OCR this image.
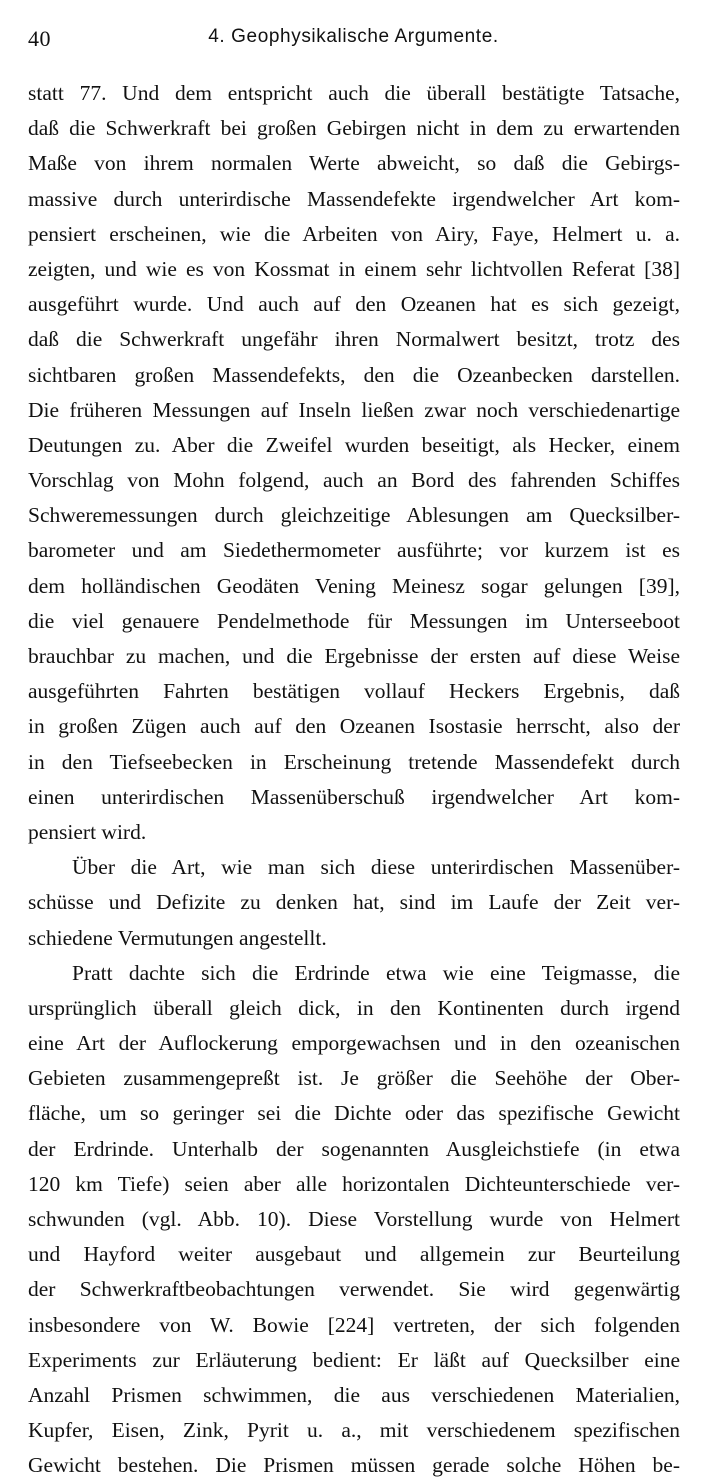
40	4. Geophysikalische Argumente.
statt 77. Und dem entspricht auch die überall bestätigte Tatsache,
daß die Schwerkraft bei großen Gebirgen nicht in dem zu erwartenden
Maße von ihrem normalen Werte abweicht, so daß die Gebirgs-
massive durch unterirdische Massendefekte irgendwelcher Art kom-
pensiert erscheinen, wie die Arbeiten von Airy, Faye, Helmert u. a.
zeigten, und wie es von Kossmat in einem sehr lichtvollen Referat [38]
ausgeführt wurde. Und auch auf den Ozeanen hat es sich gezeigt,
daß die Schwerkraft ungefähr ihren Normalwert besitzt, trotz des
sichtbaren großen Massendefekts, den die Ozeanbecken darstellen.
Die früheren Messungen auf Inseln ließen zwar noch verschiedenartige
Deutungen zu. Aber die Zweifel wurden beseitigt, als Hecker, einem
Vorschlag von Mohn folgend, auch an Bord des fahrenden Schiffes
Schweremessungen durch gleichzeitige Ablesungen am Quecksilber-
barometer und am Siedethermometer ausführte; vor kurzem ist es
dem holländischen Geodäten Vening Meinesz sogar gelungen [39],
die viel genauere Pendelmethode für Messungen im Unterseeboot
brauchbar zu machen, und die Ergebnisse der ersten auf diese Weise
ausgeführten Fahrten bestätigen vollauf Heckers Ergebnis, daß
in großen Zügen auch auf den Ozeanen Isostasie herrscht, also der
in den Tiefseebecken in Erscheinung tretende Massendefekt durch
einen unterirdischen Massenüberschuß irgendwelcher Art kom-
pensiert wird.
Über die Art, wie man sich diese unterirdischen Massenüber-
schüsse und Defizite zu denken hat, sind im Laufe der Zeit ver-
schiedene Vermutungen angestellt.
Pratt dachte sich die Erdrinde etwa wie eine Teigmasse, die
ursprünglich überall gleich dick, in den Kontinenten durch irgend
eine Art der Auflockerung emporgewachsen und in den ozeanischen
Gebieten zusammengepreßt ist. Je größer die Seehöhe der Ober-
fläche, um so geringer sei die Dichte oder das spezifische Gewicht
der Erdrinde. Unterhalb der sogenannten Ausgleichstiefe (in etwa
120 km Tiefe) seien aber alle horizontalen Dichteunterschiede ver-
schwunden (vgl. Abb. 10). Diese Vorstellung wurde von Helmert
und Hayford weiter ausgebaut und allgemein zur Beurteilung
der Schwerkraftbeobachtungen verwendet. Sie wird gegenwärtig
insbesondere von W. Bowie [224] vertreten, der sich folgenden
Experiments zur Erläuterung bedient: Er läßt auf Quecksilber eine
Anzahl Prismen schwimmen, die aus verschiedenen Materialien,
Kupfer, Eisen, Zink, Pyrit u. a., mit verschiedenem spezifischen
Gewicht bestehen. Die Prismen müssen gerade solche Höhen be-
